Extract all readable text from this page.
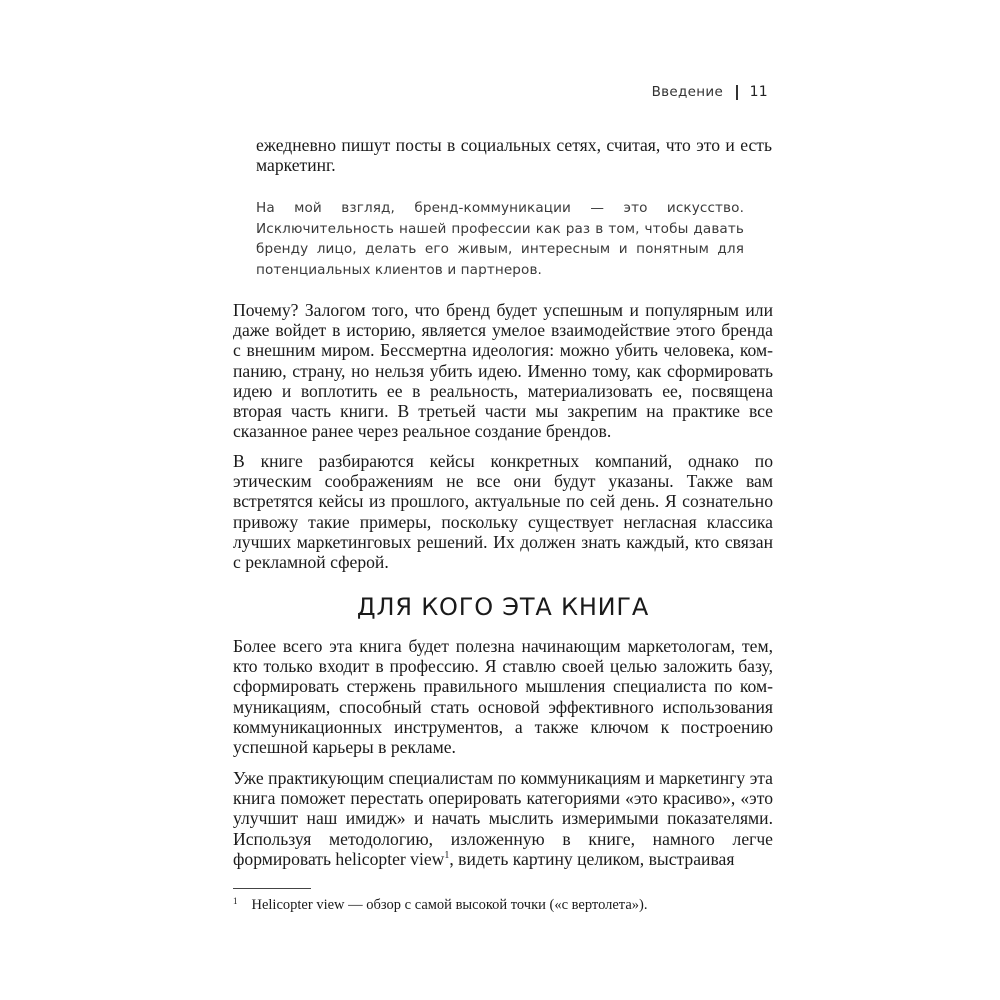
Введение 11

ежедневно пишут посты в социальных сетях, считая, что это и есть маркетинг.

На мой взгляд, бренд-коммуникации — это искусство. Исключительность нашей профессии как раз в том, чтобы давать бренду лицо, делать его живым, интересным и понятным для потенциальных клиентов и партнеров.

Почему? Залогом того, что бренд будет успешным и популярным или даже войдет в историю, является умелое взаимодействие этого бренда с внешним миром. Бессмертна идеология: можно убить человека, компанию, страну, но нельзя убить идею. Именно тому, как сформировать идею и воплотить ее в реальность, материализовать ее, посвящена вторая часть книги. В третьей части мы закрепим на практике все сказанное ранее через реальное создание брендов.

В книге разбираются кейсы конкретных компаний, однако по этическим соображениям не все они будут указаны. Также вам встретятся кейсы из прошлого, актуальные по сей день. Я сознательно привожу такие примеры, поскольку существует негласная классика лучших маркетинговых решений. Их должен знать каждый, кто связан с рекламной сферой.

ДЛЯ КОГО ЭТА КНИГА

Более всего эта книга будет полезна начинающим маркетологам, тем, кто только входит в профессию. Я ставлю своей целью заложить базу, сформировать стержень правильного мышления специалиста по коммуникациям, способный стать основой эффективного использования коммуникационных инструментов, а также ключом к построению успешной карьеры в рекламе.

Уже практикующим специалистам по коммуникациям и маркетингу эта книга поможет перестать оперировать категориями «это красиво», «это улучшит наш имидж» и начать мыслить измеримыми показателями. Используя методологию, изложенную в книге, намного легче формировать helicopter view$^1$, видеть картину целиком, выстраивая

$^1$ Helicopter view — обзор с самой высокой точки («с вертолета»).
